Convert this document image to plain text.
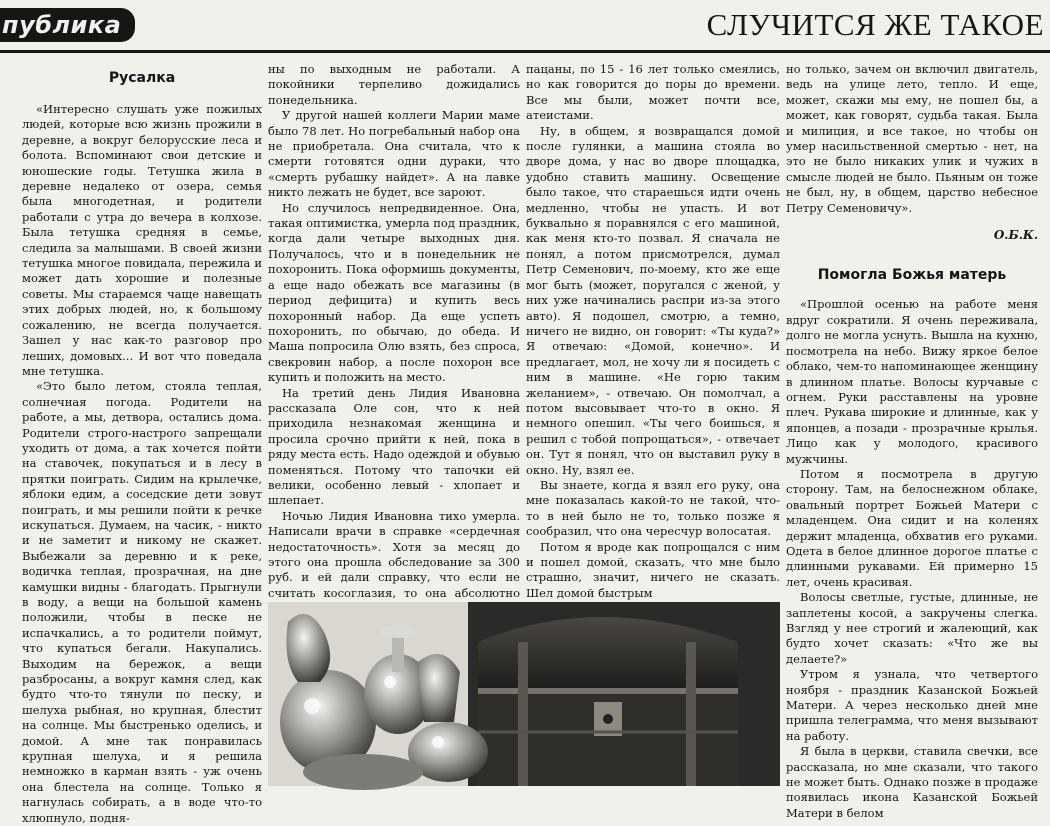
публика	СЛУЧИТСЯ ЖЕ ТАКОЕ
Русалка

«Интересно слушать уже пожилых людей, которые всю жизнь прожили в деревне, а вокруг белорусские леса и болота. Вспоминают свои детские и юношеские годы. Тетушка жила в деревне недалеко от озера, семья была многодетная, и родители работали с утра до вечера в колхозе. Была тетушка средняя в семье, следила за малышами. В своей жизни тетушка многое повидала, пережила и может дать хорошие и полезные советы. Мы стараемся чаще навещать этих добрых людей, но, к большому сожалению, не всегда получается. Зашел у нас как-то разговор про леших, домовых... И вот что поведала мне тетушка.

«Это было летом, стояла теплая, солнечная погода. Родители на работе, а мы, детвора, остались дома. Родители строго-настрого запрещали уходить от дома, а так хочется пойти на ставочек, покупаться и в лесу в прятки поиграть. Сидим на крылечке, яблоки едим, а соседские дети зовут поиграть, и мы решили пойти к речке искупаться. Думаем, на часик, - никто и не заметит и никому не скажет. Выбежали за деревню и к реке, водичка теплая, прозрачная, на дне камушки видны - благодать. Прыгнули в воду, а вещи на большой камень положили, чтобы в песке не испачкались, а то родители поймут, что купаться бегали. Накупались. Выходим на бережок, а вещи разбросаны, а вокруг камня след, как будто что-то тянули по песку, и шелуха рыбная, но крупная, блестит на солнце. Мы быстренько оделись, и домой. А мне так понравилась крупная шелуха, и я решила немножко в карман взять - уж очень она блестела на солнце. Только я нагнулась собирать, а в воде что-то хлюпнуло, подня-

ны по выходным не работали. А покойники терпеливо дожидались понедельника.

У другой нашей коллеги Марии маме было 78 лет. Но погребальный набор она не приобретала. Она считала, что к смерти готовятся одни дураки, что «смерть рубашку найдет». А на лавке никто лежать не будет, все зароют.

Но случилось непредвиденное. Она, такая оптимистка, умерла под праздник, когда дали четыре выходных дня. Получалось, что и в понедельник не похоронить. Пока оформишь документы, а еще надо обежать все магазины (в период дефицита) и купить весь похоронный набор. Да еще успеть похоронить, по обычаю, до обеда. И Маша попросила Олю взять, без спроса, свекровин набор, а после похорон все купить и положить на место.

На третий день Лидия Ивановна рассказала Оле сон, что к ней приходила незнакомая женщина и просила срочно прийти к ней, пока в ряду места есть. Надо одеждой и обувью поменяться. Потому что тапочки ей велики, особенно левый - хлопает и шлепает.

Ночью Лидия Ивановна тихо умерла. Написали врачи в справке «сердечная недостаточность». Хотя за месяц до этого она прошла обследование за 300 руб. и ей дали справку, что если не считать косоглазия, то она абсолютно

пацаны, по 15 - 16 лет только смеялись, но как говорится до поры до времени. Все мы были, может почти все, атеистами.

Ну, в общем, я возвращался домой после гулянки, а машина стояла во дворе дома, у нас во дворе площадка, удобно ставить машину. Освещение было такое, что стараешься идти очень медленно, чтобы не упасть. И вот буквально я поравнялся с его машиной, как меня кто-то позвал. Я сначала не понял, а потом присмотрелся, думал Петр Семенович, по-моему, кто же еще мог быть (может, поругался с женой, у них уже начинались распри из-за этого авто). Я подошел, смотрю, а темно, ничего не видно, он говорит: «Ты куда?» Я отвечаю: «Домой, конечно». И предлагает, мол, не хочу ли я посидеть с ним в машине. «Не горю таким желанием», - отвечаю. Он помолчал, а потом высовывает что-то в окно. Я немного опешил. «Ты чего боишься, я решил с тобой попрощаться», - отвечает он. Тут я понял, что он выставил руку в окно. Ну, взял ее.

Вы знаете, когда я взял его руку, она мне показалась какой-то не такой, что-то в ней было не то, только позже я сообразил, что она чересчур волосатая.

Потом я вроде как попрощался с ним и пошел домой, сказать, что мне было страшно, значит, ничего не сказать. Шел домой быстрым

но только, зачем он включил двигатель, ведь на улице лето, тепло. И еще, может, скажи мы ему, не пошел бы, а может, как говорят, судьба такая. Была и милиция, и все такое, но чтобы он умер насильственной смертью - нет, на это не было никаких улик и чужих в смысле людей не было. Пьяным он тоже не был, ну, в общем, царство небесное Петру Семеновичу».

О.Б.К.
Помогла Божья матерь

«Прошлой осенью на работе меня вдруг сократили. Я очень переживала, долго не могла уснуть. Вышла на кухню, посмотрела на небо. Вижу яркое белое облако, чем-то напоминающее женщину в длинном платье. Волосы курчавые с огнем. Руки расставлены на уровне плеч. Рукава широкие и длинные, как у японцев, а позади - прозрачные крылья. Лицо как у молодого, красивого мужчины.

Потом я посмотрела в другую сторону. Там, на белоснежном облаке, овальный портрет Божьей Матери с младенцем. Она сидит и на коленях держит младенца, обхватив его руками. Одета в белое длинное дорогое платье с длинными рукавами. Ей примерно 15 лет, очень красивая.

Волосы светлые, густые, длинные, не заплетены косой, а закручены слегка. Взгляд у нее строгий и жалеющий, как будто хочет сказать: «Что же вы делаете?»

Утром я узнала, что четвертого ноября - праздник Казанской Божьей Матери. А через несколько дней мне пришла телеграмма, что меня вызывают на работу.

Я была в церкви, ставила свечки, все рассказала, но мне сказали, что такого не может быть. Однако позже в продаже появилась икона Казанской Божьей Матери в белом
